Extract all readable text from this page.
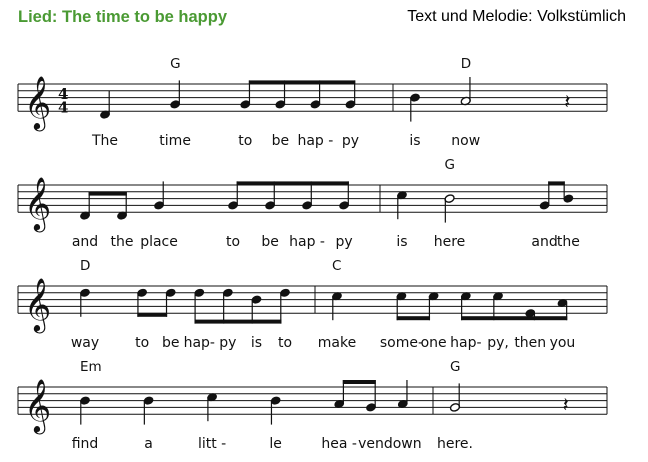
Lied: The time to be happy	Text und Melodie: Volkstümlich
𝄞 4
4
The
G
time	to be hap - py	is
D
now
𝄽
𝄞
and the place	to be hap - py	is
G
here	and the
𝄞
D
way	to be hap- py is to
C
make some-
one hap- py, then you
𝄞
Em
find	a	litt -	le	hea - ven down
G
here.
𝄽
